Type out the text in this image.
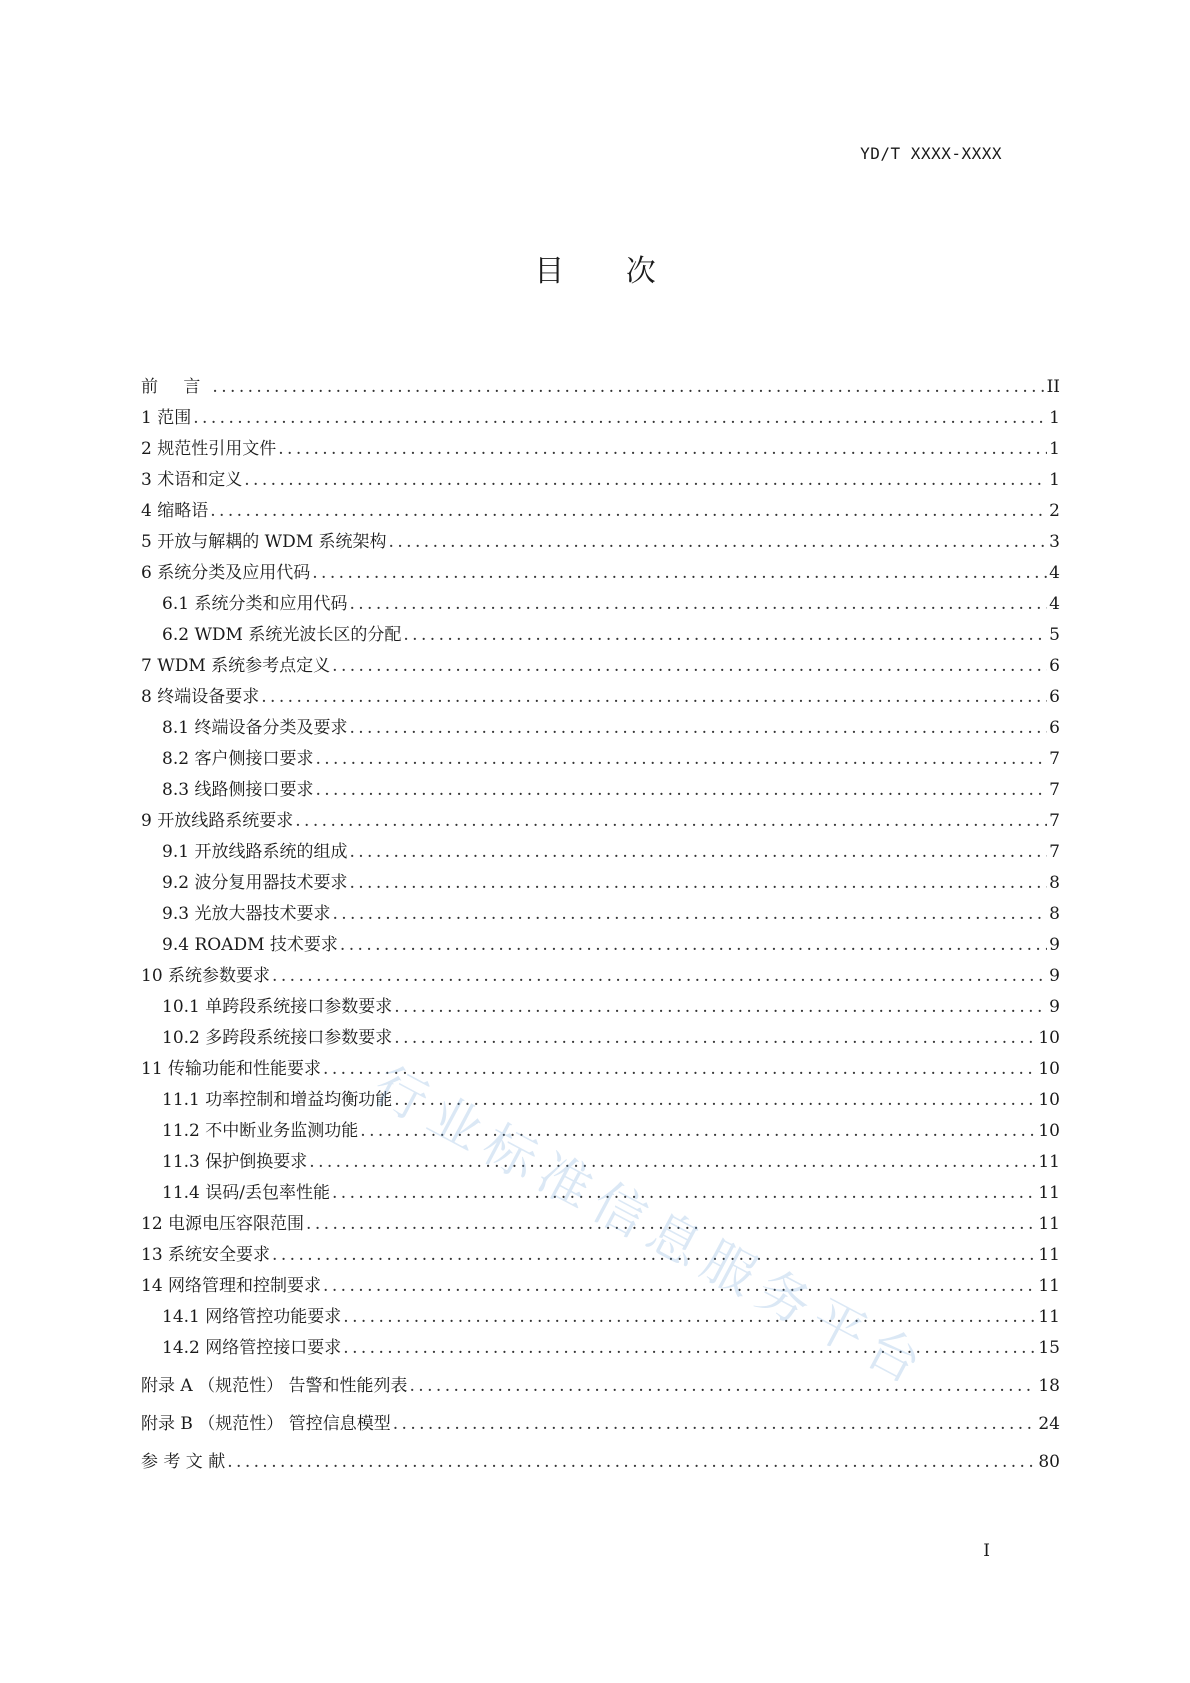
YD/T XXXX-XXXX
目 次
前 言 .....	II
1 范围 .....	1
2 规范性引用文件 .....	1
3 术语和定义 .....	1
4 缩略语 .....	2
5 开放与解耦的 WDM 系统架构 .....	3
6 系统分类及应用代码 .....	4
6.1 系统分类和应用代码 .....	4
6.2 WDM 系统光波长区的分配 .....	5
7 WDM 系统参考点定义 .....	6
8 终端设备要求 .....	6
8.1 终端设备分类及要求 .....	6
8.2 客户侧接口要求 .....	7
8.3 线路侧接口要求 .....	7
9 开放线路系统要求 .....	7
9.1 开放线路系统的组成 .....	7
9.2 波分复用器技术要求 .....	8
9.3 光放大器技术要求 .....	8
9.4 ROADM 技术要求 .....	9
10 系统参数要求 .....	9
10.1 单跨段系统接口参数要求 .....	9
10.2 多跨段系统接口参数要求 .....	10
11 传输功能和性能要求 .....	10
11.1 功率控制和增益均衡功能 .....	10
11.2 不中断业务监测功能 .....	10
11.3 保护倒换要求 .....	11
11.4 误码/丢包率性能 .....	11
12 电源电压容限范围 .....	11
13 系统安全要求 .....	11
14 网络管理和控制要求 .....	11
14.1 网络管控功能要求 .....	11
14.2 网络管控接口要求 .....	15
附录 A （规范性） 告警和性能列表 .....	18
附录 B （规范性） 管控信息模型 .....	24
参 考 文 献 .....	80
行业标准信息服务平台
I
